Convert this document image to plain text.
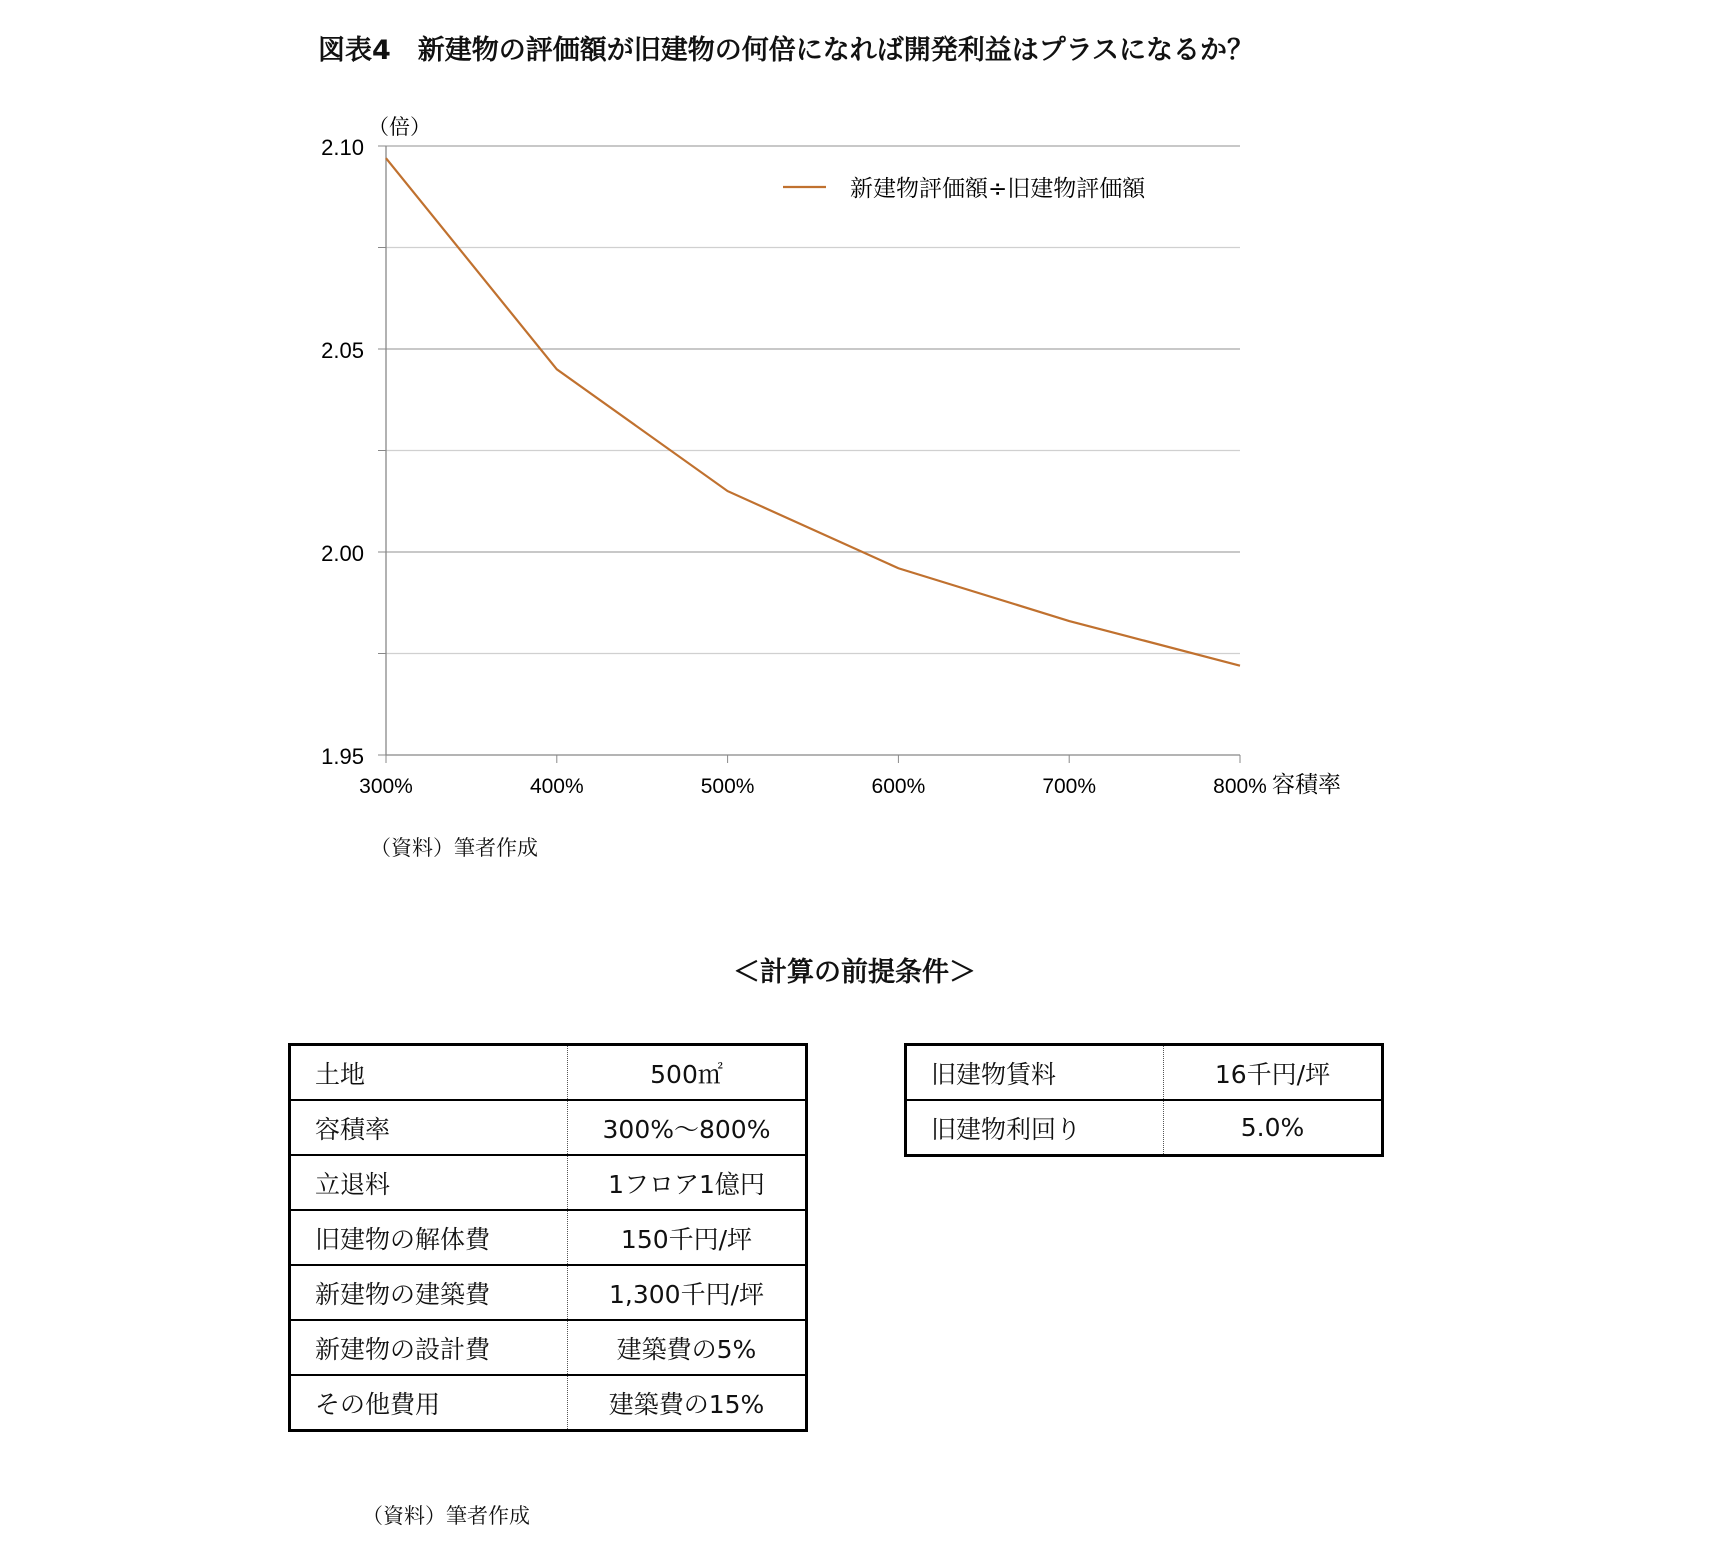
図表4　新建物の評価額が旧建物の何倍になれば開発利益はプラスになるか？
1.95
2.00
2.05
2.10
300%	400%	500%	600%	700%	800%
新建物評価額÷旧建物評価額
（倍）
容積率
（資料）筆者作成
＜計算の前提条件＞
土地	500㎡
容積率	300%～800%
立退料	1フロア1億円
旧建物の解体費	150千円/坪
新建物の建築費	1,300千円/坪
新建物の設計費	建築費の5%
その他費用	建築費の15%
旧建物賃料	16千円/坪
旧建物利回り	5.0%
（資料）筆者作成
